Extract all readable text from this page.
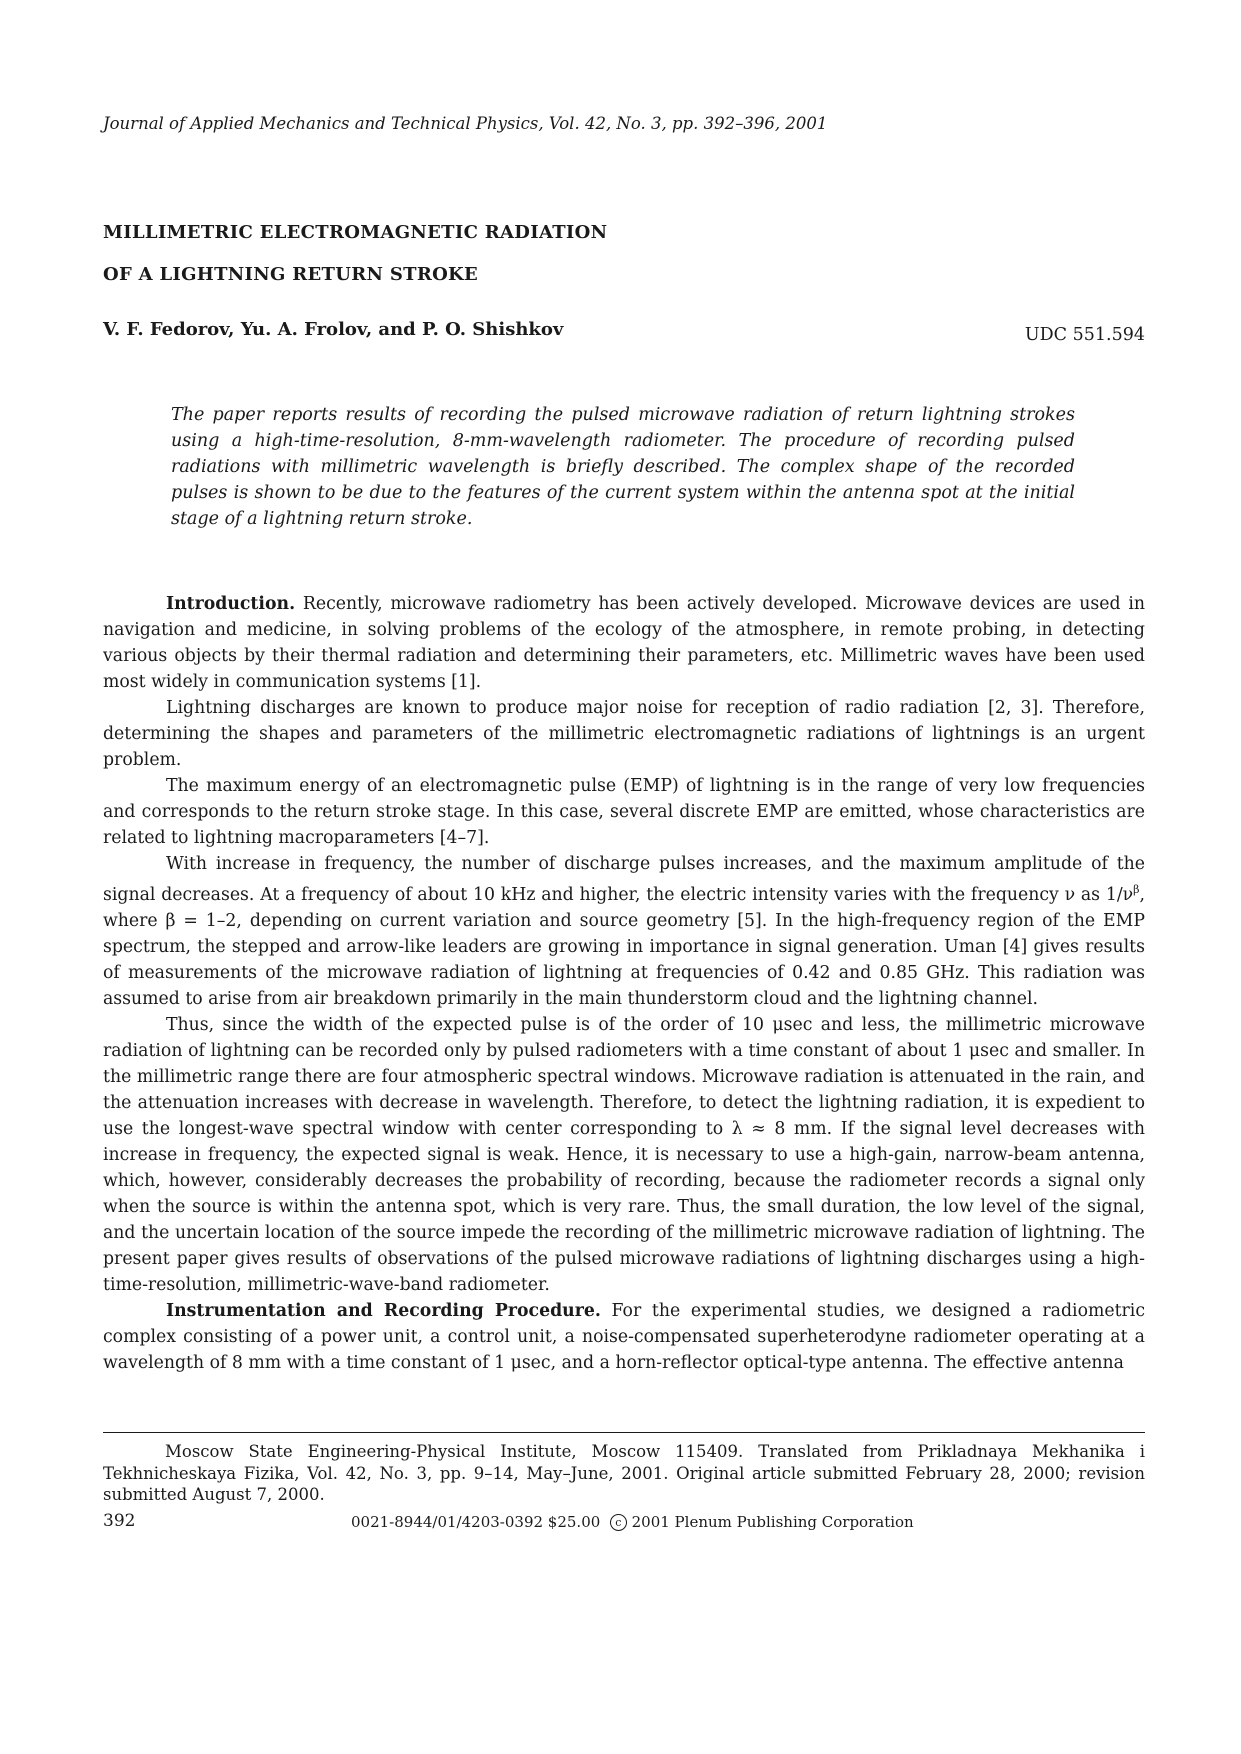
Journal of Applied Mechanics and Technical Physics, Vol. 42, No. 3, pp. 392–396, 2001
MILLIMETRIC ELECTROMAGNETIC RADIATION
OF A LIGHTNING RETURN STROKE
V. F. Fedorov, Yu. A. Frolov, and P. O. Shishkov	UDC 551.594
The paper reports results of recording the pulsed microwave radiation of return lightning strokes using a high-time-resolution, 8-mm-wavelength radiometer. The procedure of recording pulsed radiations with millimetric wavelength is briefly described. The complex shape of the recorded pulses is shown to be due to the features of the current system within the antenna spot at the initial stage of a lightning return stroke.

Introduction. Recently, microwave radiometry has been actively developed. Microwave devices are used in navigation and medicine, in solving problems of the ecology of the atmosphere, in remote probing, in detecting various objects by their thermal radiation and determining their parameters, etc. Millimetric waves have been used most widely in communication systems [1].

Lightning discharges are known to produce major noise for reception of radio radiation [2, 3]. Therefore, determining the shapes and parameters of the millimetric electromagnetic radiations of lightnings is an urgent problem.

The maximum energy of an electromagnetic pulse (EMP) of lightning is in the range of very low frequencies and corresponds to the return stroke stage. In this case, several discrete EMP are emitted, whose characteristics are related to lightning macroparameters [4–7].

With increase in frequency, the number of discharge pulses increases, and the maximum amplitude of the signal decreases. At a frequency of about 10 kHz and higher, the electric intensity varies with the frequency ν as $1/\nu^\beta$, where β = 1–2, depending on current variation and source geometry [5]. In the high-frequency region of the EMP spectrum, the stepped and arrow-like leaders are growing in importance in signal generation. Uman [4] gives results of measurements of the microwave radiation of lightning at frequencies of 0.42 and 0.85 GHz. This radiation was assumed to arise from air breakdown primarily in the main thunderstorm cloud and the lightning channel.

Thus, since the width of the expected pulse is of the order of 10 μsec and less, the millimetric microwave radiation of lightning can be recorded only by pulsed radiometers with a time constant of about 1 μsec and smaller. In the millimetric range there are four atmospheric spectral windows. Microwave radiation is attenuated in the rain, and the attenuation increases with decrease in wavelength. Therefore, to detect the lightning radiation, it is expedient to use the longest-wave spectral window with center corresponding to λ ≈ 8 mm. If the signal level decreases with increase in frequency, the expected signal is weak. Hence, it is necessary to use a high-gain, narrow-beam antenna, which, however, considerably decreases the probability of recording, because the radiometer records a signal only when the source is within the antenna spot, which is very rare. Thus, the small duration, the low level of the signal, and the uncertain location of the source impede the recording of the millimetric microwave radiation of lightning. The present paper gives results of observations of the pulsed microwave radiations of lightning discharges using a high-time-resolution, millimetric-wave-band radiometer.

Instrumentation and Recording Procedure. For the experimental studies, we designed a radiometric complex consisting of a power unit, a control unit, a noise-compensated superheterodyne radiometer operating at a wavelength of 8 mm with a time constant of 1 μsec, and a horn-reflector optical-type antenna. The effective antenna

Moscow State Engineering-Physical Institute, Moscow 115409. Translated from Prikladnaya Mekhanika i Tekhnicheskaya Fizika, Vol. 42, No. 3, pp. 9–14, May–June, 2001. Original article submitted February 28, 2000; revision submitted August 7, 2000.
392	0021-8944/01/4203-0392 $25.00 c 2001 Plenum Publishing Corporation
